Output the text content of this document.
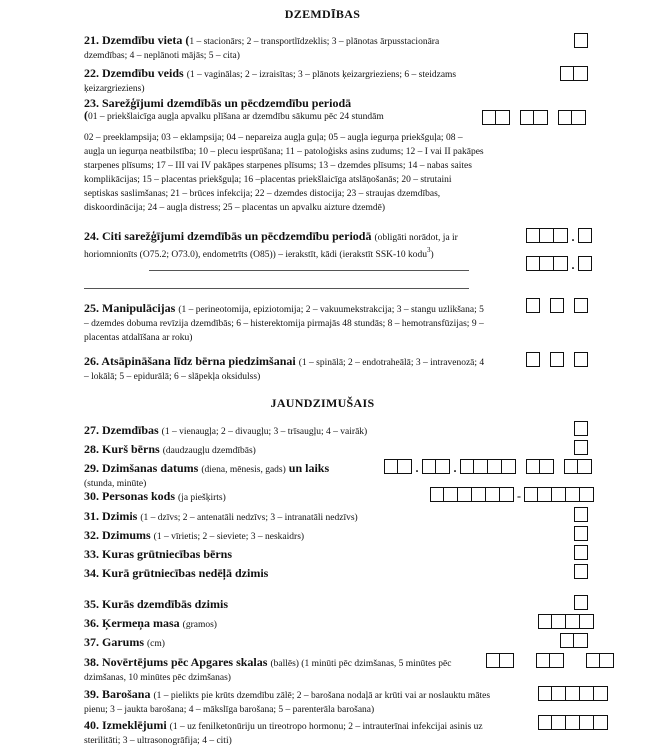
DZEMDĪBAS
JAUNDZIMUŠAIS
21. Dzemdību vieta (1 – stacionārs; 2 – transportlīdzeklis; 3 – plānotas ārpusstacionāra dzemdības; 4 – neplānoti mājās; 5 – cita)
22. Dzemdību veids (1 – vaginālas; 2 – izraisītas; 3 – plānots ķeizargrieziens; 6 – steidzams ķeizargrieziens)
23. Sarežģījumi dzemdībās un pēcdzemdību periodā
(01 – priekšlaicīga augļa apvalku plīšana ar dzemdību sākumu pēc 24 stundām
02 – preeklampsija; 03 – eklampsija; 04 – nepareiza augļa guļa; 05 – augļa iegurņa priekšguļa; 08 – augļa un iegurņa neatbilstība; 10 – plecu iesprūšana; 11 – patoloģisks asins zudums; 12 – I vai II pakāpes starpenes plīsums; 17 – III vai IV pakāpes starpenes plīsums; 13 – dzemdes plīsums; 14 – nabas saites komplikācijas; 15 – placentas priekšguļa; 16 –placentas priekšlaicīga atslāņošanās; 20 – strutaini septiskas saslimšanas; 21 – brūces infekcija; 22 – dzemdes distocija; 23 – straujas dzemdības, diskoordinācija; 24 – augļa distress; 25 – placentas un apvalku aizture dzemdē)
24. Citi sarežģījumi dzemdībās un pēcdzemdību periodā (obligāti norādot, ja ir horiomnionīts (O75.2; O73.0), endometrīts (O85)) – ierakstīt, kādi (ierakstīt SSK-10 kodu$^3$)
.
.
25. Manipulācijas (1 – perineotomija, epiziotomija; 2 – vakuumekstrakcija; 3 – stangu uzlikšana; 5 – dzemdes dobuma revīzija dzemdībās; 6 – histerektomija pirmajās 48 stundās; 8 – hemotransfūzijas; 9 – placentas atdalīšana ar roku)
26. Atsāpināšana līdz bērna piedzimšanai (1 – spinālā; 2 – endotraheālā; 3 – intravenozā; 4 – lokālā; 5 – epidurālā; 6 – slāpekļa oksidulss)
27. Dzemdības (1 – vienaugļa; 2 – divaugļu; 3 – trīsaugļu; 4 – vairāk)
28. Kurš bērns (daudzaugļu dzemdībās)
29. Dzimšanas datums (diena, mēnesis, gads) un laiks
(stunda, minūte)
.	.
30. Personas kods (ja piešķirts)	-
31. Dzimis (1 – dzīvs; 2 – antenatāli nedzīvs; 3 – intranatāli nedzīvs)
32. Dzimums (1 – vīrietis; 2 – sieviete; 3 – neskaidrs)
33. Kuras grūtniecības bērns
34. Kurā grūtniecības nedēļā dzimis
35. Kurās dzemdībās dzimis
36. Ķermeņa masa (gramos)
37. Garums (cm)
38. Novērtējums pēc Apgares skalas (ballēs) (1 minūti pēc dzimšanas, 5 minūtes pēc dzimšanas, 10 minūtes pēc dzimšanas)
39. Barošana (1 – pielikts pie krūts dzemdību zālē; 2 – barošana nodaļā ar krūti vai ar noslauktu mātes pienu; 3 – jaukta barošana; 4 – mākslīga barošana; 5 – parenterāla barošana)
40. Izmeklējumi (1 – uz fenilketonūriju un tireotropo hormonu; 2 – intrauterīnai infekcijai asinis uz sterilitāti; 3 – ultrasonogrāfija; 4 – citi)
